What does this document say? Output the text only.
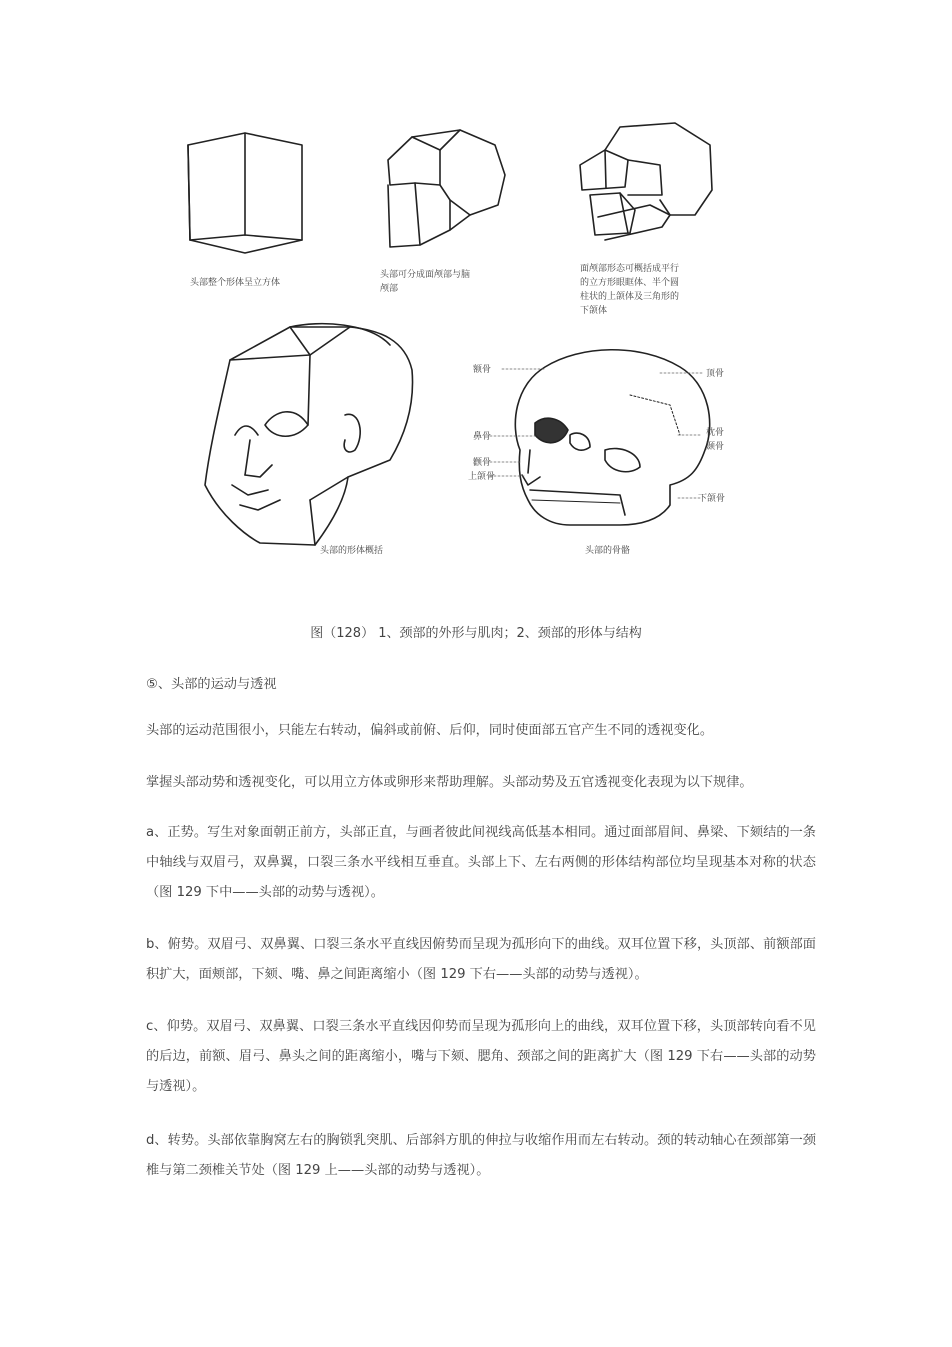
头部整个形体呈立方体
头部可分成面颅部与脑
颅部
面颅部形态可概括成平行
的立方形眼眶体、半个圆
柱状的上颌体及三角形的
下颌体
头部的形体概括
额骨
鼻骨
颧骨
上颌骨
顶骨
枕骨
颞骨
下颌骨
头部的骨骼
图（128） 1、颈部的外形与肌肉；2、颈部的形体与结构
⑤、头部的运动与透视
头部的运动范围很小，只能左右转动，偏斜或前俯、后仰，同时使面部五官产生不同的透视变化。
掌握头部动势和透视变化，可以用立方体或卵形来帮助理解。头部动势及五官透视变化表现为以下规律。
a、正势。写生对象面朝正前方，头部正直，与画者彼此间视线高低基本相同。通过面部眉间、鼻梁、下颏结的一条中轴线与双眉弓，双鼻翼，口裂三条水平线相互垂直。头部上下、左右两侧的形体结构部位均呈现基本对称的状态（图 129 下中——头部的动势与透视）。
b、俯势。双眉弓、双鼻翼、口裂三条水平直线因俯势而呈现为孤形向下的曲线。双耳位置下移，头顶部、前额部面积扩大，面颊部，下颏、嘴、鼻之间距离缩小（图 129 下右——头部的动势与透视）。
c、仰势。双眉弓、双鼻翼、口裂三条水平直线因仰势而呈现为孤形向上的曲线，双耳位置下移，头顶部转向看不见的后边，前额、眉弓、鼻头之间的距离缩小，嘴与下颏、腮角、颈部之间的距离扩大（图 129 下右——头部的动势与透视）。
d、转势。头部依靠胸窝左右的胸锁乳突肌、后部斜方肌的伸拉与收缩作用而左右转动。颈的转动轴心在颈部第一颈椎与第二颈椎关节处（图 129 上——头部的动势与透视）。
